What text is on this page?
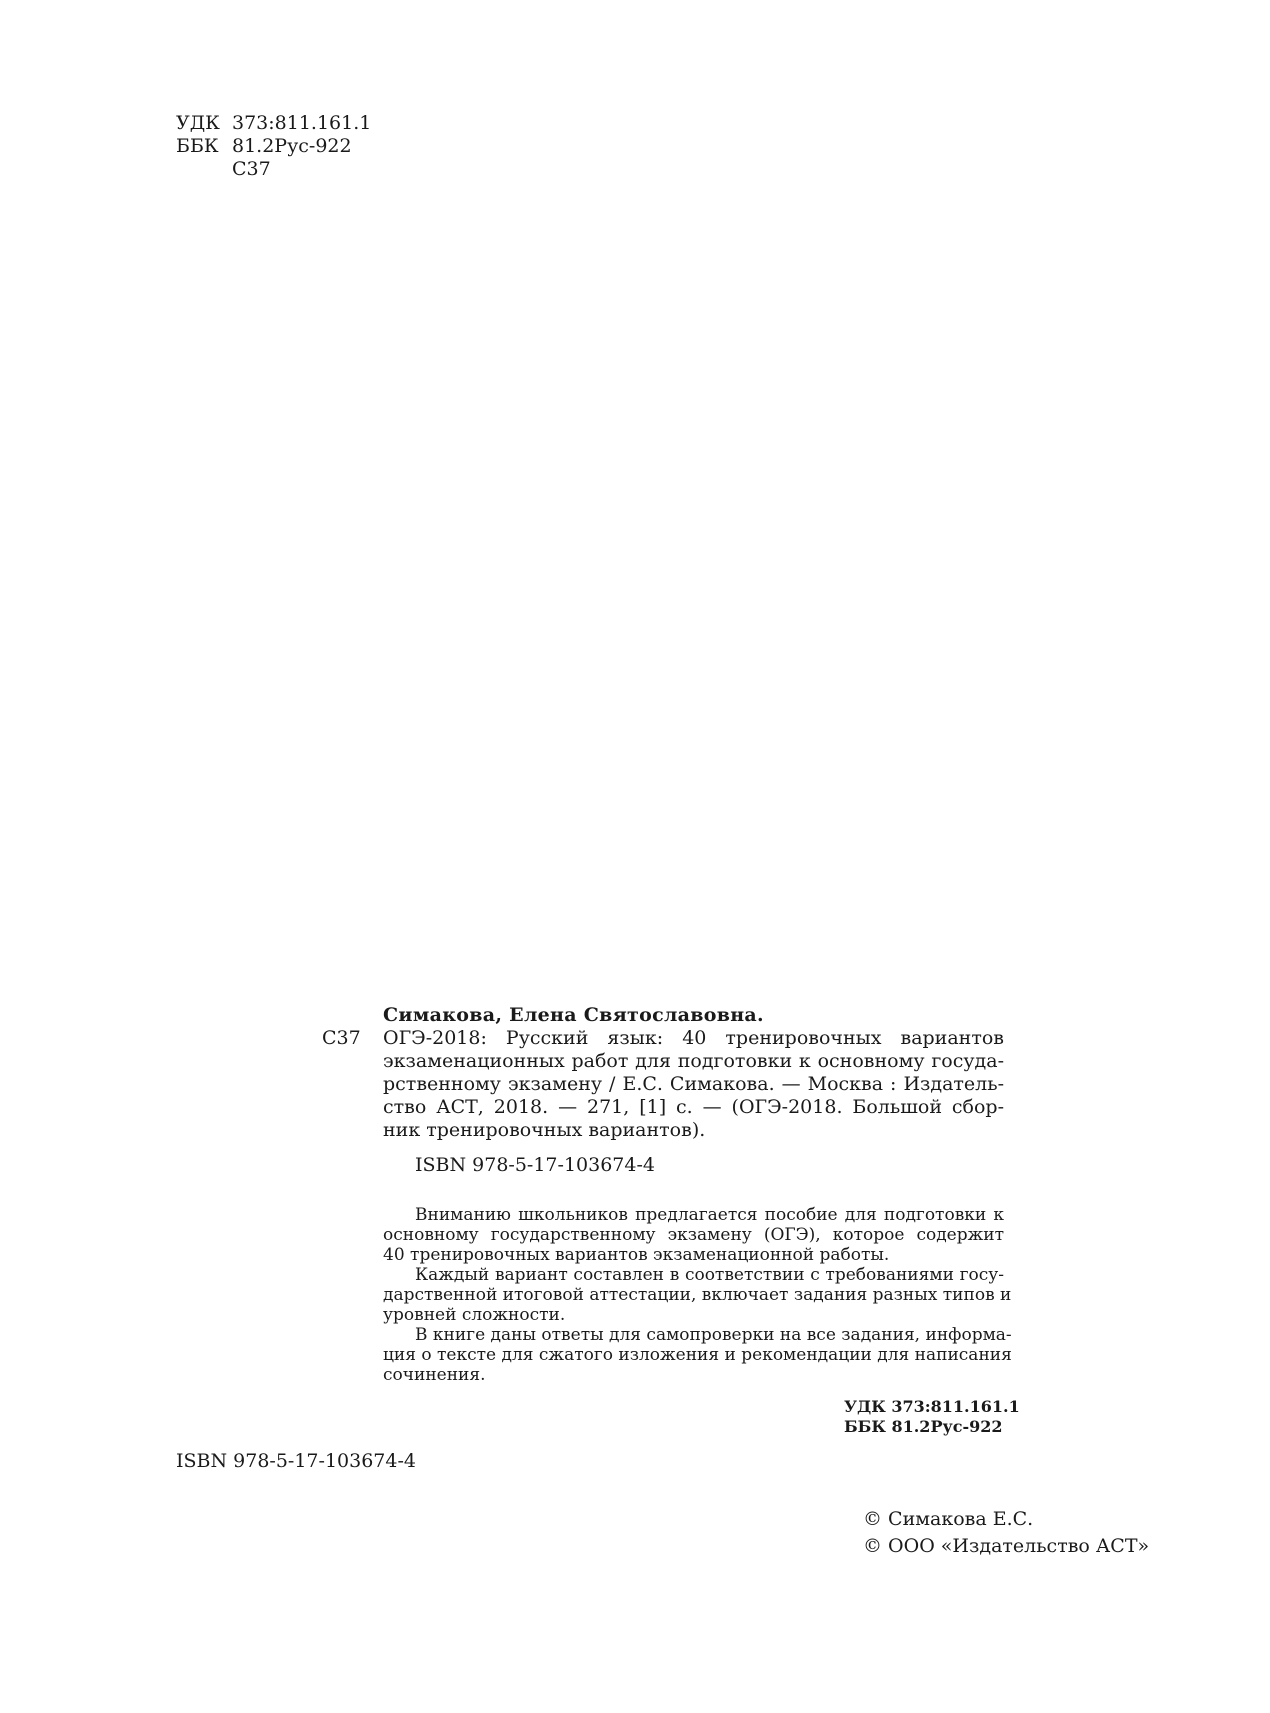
УДК 373:811.161.1
ББК 81.2Рус-922
С37
Симакова, Елена Святославовна.
С37	ОГЭ-2018: Русский язык: 40 тренировочных вариантов
экзаменационных работ для подготовки к основному госуда-
рственному экзамену / Е.С. Симакова. — Москва : Издатель-
ство АСТ, 2018. — 271, [1] с. — (ОГЭ-2018. Большой сбор-
ник тренировочных вариантов).
ISBN 978-5-17-103674-4
Вниманию школьников предлагается пособие для подготовки к
основному государственному экзамену (ОГЭ), которое содержит
40 тренировочных вариантов экзаменационной работы.
Каждый вариант составлен в соответствии с требованиями госу-
дарственной итоговой аттестации, включает задания разных типов и
уровней сложности.
В книге даны ответы для самопроверки на все задания, информа-
ция о тексте для сжатого изложения и рекомендации для написания
сочинения.
УДК 373:811.161.1
ББК 81.2Рус-922
ISBN 978-5-17-103674-4
© Симакова Е.С.
© ООО «Издательство АСТ»
